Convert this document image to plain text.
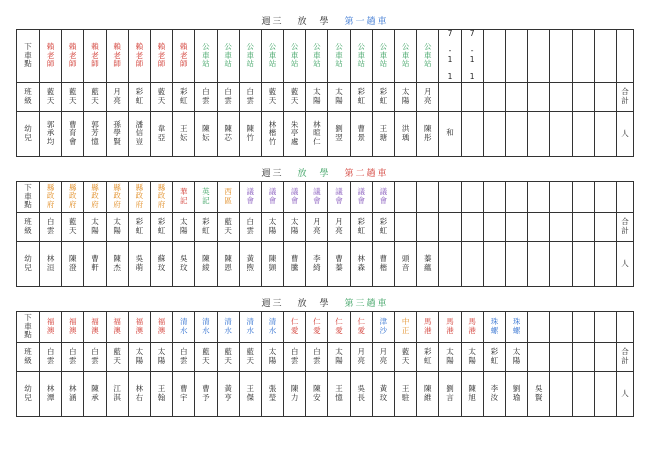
週三 放　學 第一趟車
下
車
點	賴
老
師	賴
老
師	賴
老
師	賴
老
師	賴
老
師	賴
老
師	賴
老
師	公
車
站	公
車
站	公
車
站	公
車
站	公
車
站	公
車
站	公
車
站	公
車
站	公
車
站	公
車
站	公
車
站	7

-
1

1	7

-
1

1							

班
級	藍
天	藍
天	藍
天	月
亮	彩
虹	藍
天	彩
虹	白
雲	白
雲	白
雲	藍
天	藍
天	太
陽	太
陽	彩
虹	彩
虹	太
陽	月
亮									合
計
幼
兒	郭
承
均	曹
育
會	郭
芳
憶	孫
學
賢	潘
信
豈	韋
亞	王
妘	陳
妘	陳
芯	陳
竹	林
楷
竹	朱
亭
處	林
暄
仁	劉
翌	曹
景	王
瑭	洪
瑀	陳
彤	和								人
週三 放　學 第二趟車
下
車
點	縣
政
府	縣
政
府	縣
政
府	縣
政
府	縣
政
府	縣
政
府	華
記	英
記	西
區	議
會	議
會	議
會	議
會	議
會	議
會	議
會											

班
級	白
雲	藍
天	太
陽	太
陽	彩
虹	彩
虹	太
陽	彩
虹	藍
天	白
雲	太
陽	太
陽	月
亮	月
亮	彩
虹	彩
虹											合
計
幼
兒	林
洹	陳
澄	曹
軒	陳
杰	吳
萌	蘇
玟	吳
玟	陳
綾	陳
恩	黃
煦	陳
顗	曹
騰	李
綺	曹
蓁	林
森	曹
楷	頭
音	蓁
蘊									人
週三 放　學 第三趟車
下
車
點	福
澳	福
澳	福
澳	福
澳	福
澳	福
澳	清
水	清
水	清
水	清
水	清
水	仁
愛	仁
愛	仁
愛	仁
愛	津
沙	中
正	馬
港	馬
港	馬
港	珠
螺	珠
螺					

班
級	白
雲	白
雲	白
雲	藍
天	太
陽	太
陽	白
雲	藍
天	藍
天	藍
天	太
陽	白
雲	白
雲	太
陽	月
亮	月
亮	藍
天	彩
虹	太
陽	太
陽	彩
虹	太
陽					合
計
幼
兒	林
潭	林
涵	陳
承	江
淇	林
右	王
翰	曹
宇	曹
予	黃
亨	王
傑	張
瑩	陳
力	陳
安	王
憶	吳
長	黃
玟	王
駐	陳
維	劉
言	陳
旭	李
汝	劉
瑜	吳
賢				人
